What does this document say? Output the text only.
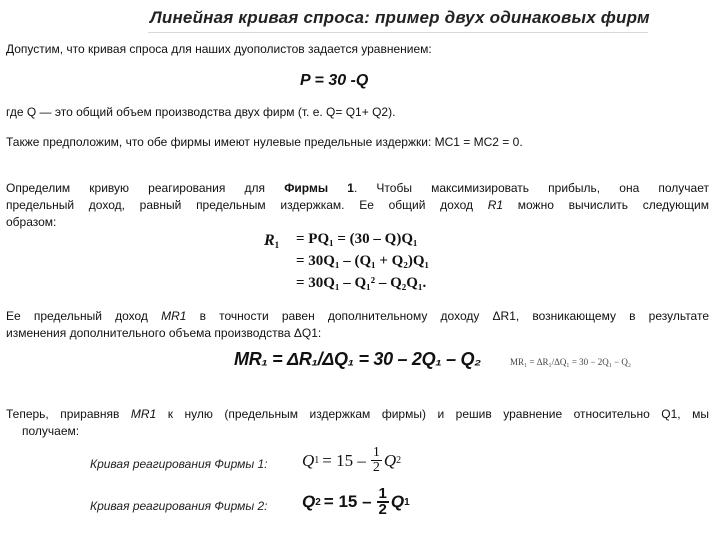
Линейная кривая спроса: пример двух одинаковых фирм
Допустим, что кривая спроса для наших дуополистов задается уравнением:
P = 30 -Q
где Q — это общий объем производства двух фирм (т. е. Q= Q1+ Q2).
Также предположим, что обе фирмы имеют нулевые предельные издержки: MC1 = MC2 = 0.
Определим кривую реагирования для Фирмы 1. Чтобы максимизировать прибыль, она получает
предельный доход, равный предельным издержкам. Ее общий доход R1 можно вычислить следующим
образом:
$R_1 = PQ_1 = (30 - Q)Q_1$
= 30Q₁ – (Q₁ + Q₂)Q₁
= 30Q₁ – Q₁² – Q₂Q₁.
Ее предельный доход MR1 в точности равен дополнительному доходу ΔR1, возникающему в результате
изменения дополнительного объема производства ΔQ1:
MR₁ = ΔR₁/ΔQ₁ = 30 – 2Q₁ – Q₂	MR₁ = ΔR₁/ΔQ₁ = 30 − 2Q₁ − Q₂
Теперь, приравняв MR1 к нулю (предельным издержкам фирмы) и решив уравнение относительно Q1, мы
получаем:
Кривая реагирования Фирмы 1: Q $1 = 15 - \frac{1}{2}$ Q 2
Кривая реагирования Фирмы 2: Q $2 = 15 - \frac{1}{2}$ Q 1
